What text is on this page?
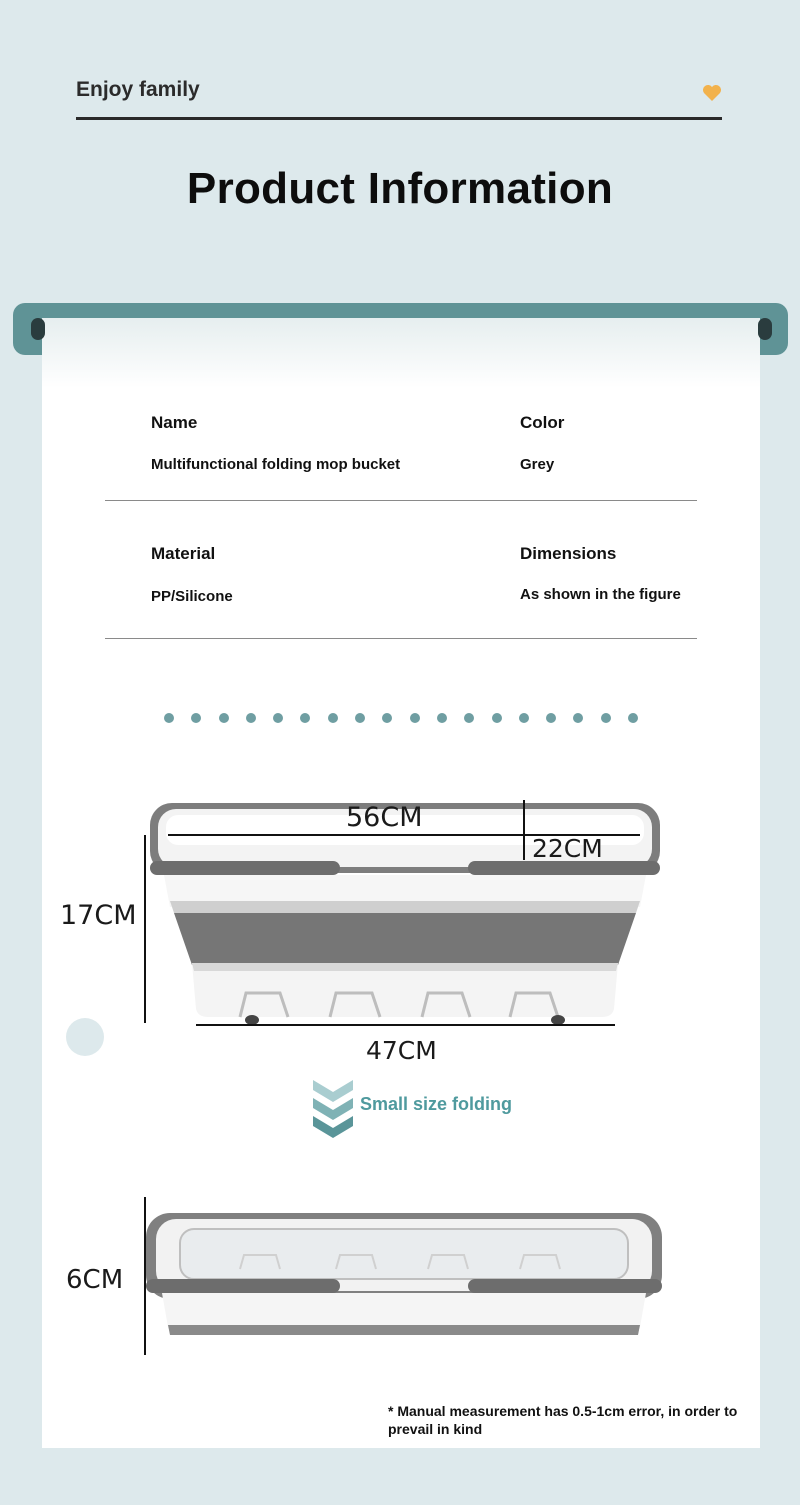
Enjoy family
Product Information
Name
Multifunctional folding mop bucket
Color
Grey
Material
PP/Silicone
Dimensions
As shown in the figure
56CM
22CM
17CM
47CM
Small size folding
6CM
* Manual measurement has 0.5-1cm error, in order to prevail in kind
